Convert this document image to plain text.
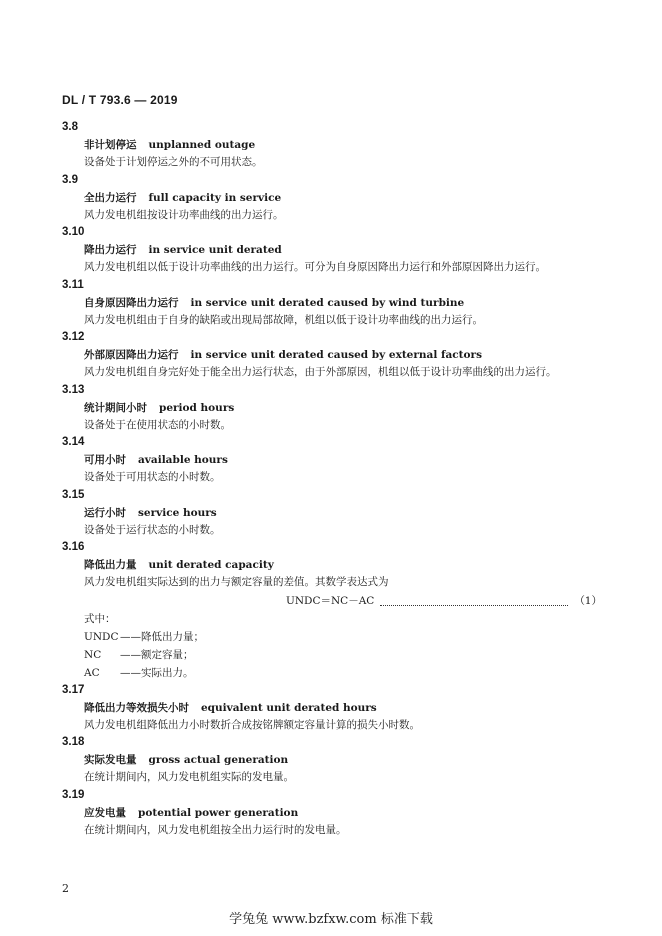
DL / T 793.6 — 2019
3.8
非计划停运 unplanned outage
设备处于计划停运之外的不可用状态。
3.9
全出力运行 full capacity in service
风力发电机组按设计功率曲线的出力运行。
3.10
降出力运行 in service unit derated
风力发电机组以低于设计功率曲线的出力运行。可分为自身原因降出力运行和外部原因降出力运行。
3.11
自身原因降出力运行 in service unit derated caused by wind turbine
风力发电机组由于自身的缺陷或出现局部故障，机组以低于设计功率曲线的出力运行。
3.12
外部原因降出力运行 in service unit derated caused by external factors
风力发电机组自身完好处于能全出力运行状态，由于外部原因，机组以低于设计功率曲线的出力运行。
3.13
统计期间小时 period hours
设备处于在使用状态的小时数。
3.14
可用小时 available hours
设备处于可用状态的小时数。
3.15
运行小时 service hours
设备处于运行状态的小时数。
3.16
降低出力量 unit derated capacity
风力发电机组实际达到的出力与额定容量的差值。其数学表达式为
UNDC＝NC－AC	（1）
式中：
UNDC ——降低出力量；
NC	——额定容量；
AC	——实际出力。
3.17
降低出力等效损失小时 equivalent unit derated hours
风力发电机组降低出力小时数折合成按铭牌额定容量计算的损失小时数。
3.18
实际发电量 gross actual generation
在统计期间内，风力发电机组实际的发电量。
3.19
应发电量 potential power generation
在统计期间内，风力发电机组按全出力运行时的发电量。
2
学兔兔 www.bzfxw.com 标准下载
